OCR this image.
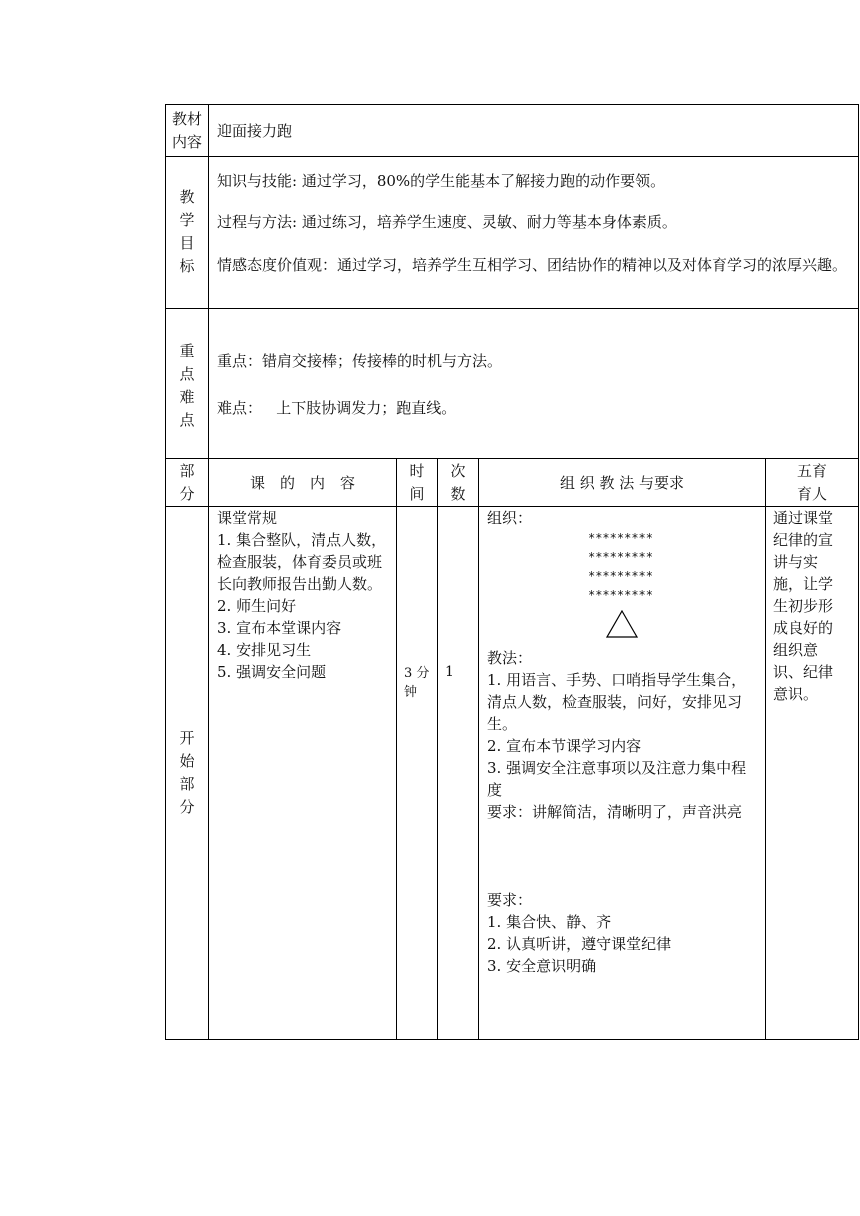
教材
内容
迎面接力跑
教
学
目
标
知识与技能: 通过学习，80%的学生能基本了解接力跑的动作要领。
过程与方法: 通过练习，培养学生速度、灵敏、耐力等基本身体素质。
情感态度价值观：通过学习，培养学生互相学习、团结协作的精神以及对体育学习的浓厚兴趣。
重
点
难
点
重点：错肩交接棒；传接棒的时机与方法。
难点：   上下肢协调发力；跑直线。
部
分
课　的　内　容
时
间
次
数
组 织 教 法 与要求
五育
育人
开
始
部
分
课堂常规
1. 集合整队，清点人数，检查服装，体育委员或班长向教师报告出勤人数。
2. 师生问好
3. 宣布本堂课内容
4. 安排见习生
5. 强调安全问题	3 分
钟
1
组织：
*********
*********
*********
*********
教法：
1. 用语言、手势、口哨指导学生集合，清点人数，检查服装，问好，安排见习生。
2. 宣布本节课学习内容
3. 强调安全注意事项以及注意力集中程度
要求：讲解简洁，清晰明了，声音洪亮
要求：
1. 集合快、静、齐
2. 认真听讲，遵守课堂纪律
3. 安全意识明确
通过课堂纪律的宣讲与实施，让学生初步形成良好的组织意识、纪律意识。
